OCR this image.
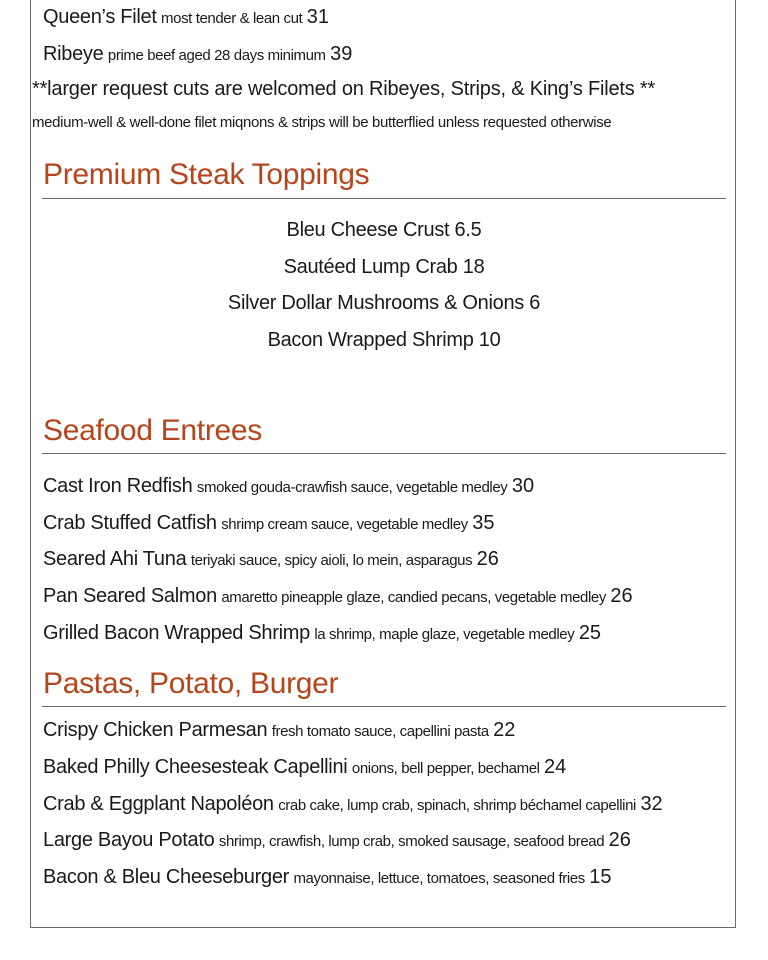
Queen’s Filet most tender & lean cut 31
Ribeye prime beef aged 28 days minimum 39
**larger request cuts are welcomed on Ribeyes, Strips, & King’s Filets **
medium-well & well-done filet miqnons & strips will be butterflied unless requested otherwise
Premium Steak Toppings
Bleu Cheese Crust 6.5
Sautéed Lump Crab 18
Silver Dollar Mushrooms & Onions 6
Bacon Wrapped Shrimp 10
Seafood Entrees
Cast Iron Redfish smoked gouda-crawfish sauce, vegetable medley 30
Crab Stuffed Catfish shrimp cream sauce, vegetable medley 35
Seared Ahi Tuna teriyaki sauce, spicy aioli, lo mein, asparagus 26
Pan Seared Salmon amaretto pineapple glaze, candied pecans, vegetable medley 26
Grilled Bacon Wrapped Shrimp la shrimp, maple glaze, vegetable medley 25
Pastas, Potato, Burger
Crispy Chicken Parmesan fresh tomato sauce, capellini pasta 22
Baked Philly Cheesesteak Capellini onions, bell pepper, bechamel 24
Crab & Eggplant Napoléon crab cake, lump crab, spinach, shrimp béchamel capellini 32
Large Bayou Potato shrimp, crawfish, lump crab, smoked sausage, seafood bread 26
Bacon & Bleu Cheeseburger mayonnaise, lettuce, tomatoes, seasoned fries 15
